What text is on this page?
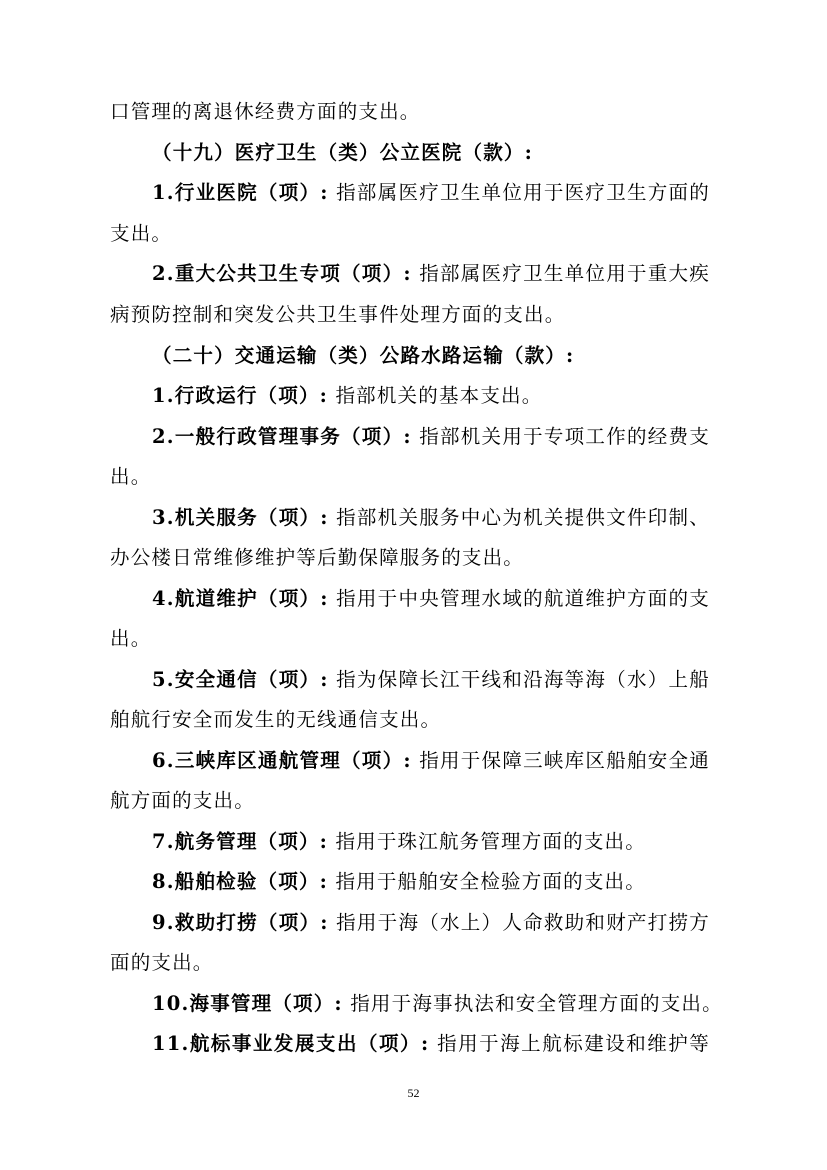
口管理的离退休经费方面的支出。
（十九）医疗卫生（类）公立医院（款）:
1.行业医院（项）: 指部属医疗卫生单位用于医疗卫生方面的
支出。
2.重大公共卫生专项（项）: 指部属医疗卫生单位用于重大疾
病预防控制和突发公共卫生事件处理方面的支出。
（二十）交通运输（类）公路水路运输（款）:
1.行政运行（项）: 指部机关的基本支出。
2.一般行政管理事务（项）: 指部机关用于专项工作的经费支
出。
3.机关服务（项）: 指部机关服务中心为机关提供文件印制、
办公楼日常维修维护等后勤保障服务的支出。
4.航道维护（项）: 指用于中央管理水域的航道维护方面的支
出。
5.安全通信（项）: 指为保障长江干线和沿海等海（水）上船
舶航行安全而发生的无线通信支出。
6.三峡库区通航管理（项）: 指用于保障三峡库区船舶安全通
航方面的支出。
7.航务管理（项）: 指用于珠江航务管理方面的支出。
8.船舶检验（项）: 指用于船舶安全检验方面的支出。
9.救助打捞（项）: 指用于海（水上）人命救助和财产打捞方
面的支出。
10.海事管理（项）: 指用于海事执法和安全管理方面的支出。
11.航标事业发展支出（项）: 指用于海上航标建设和维护等
52
